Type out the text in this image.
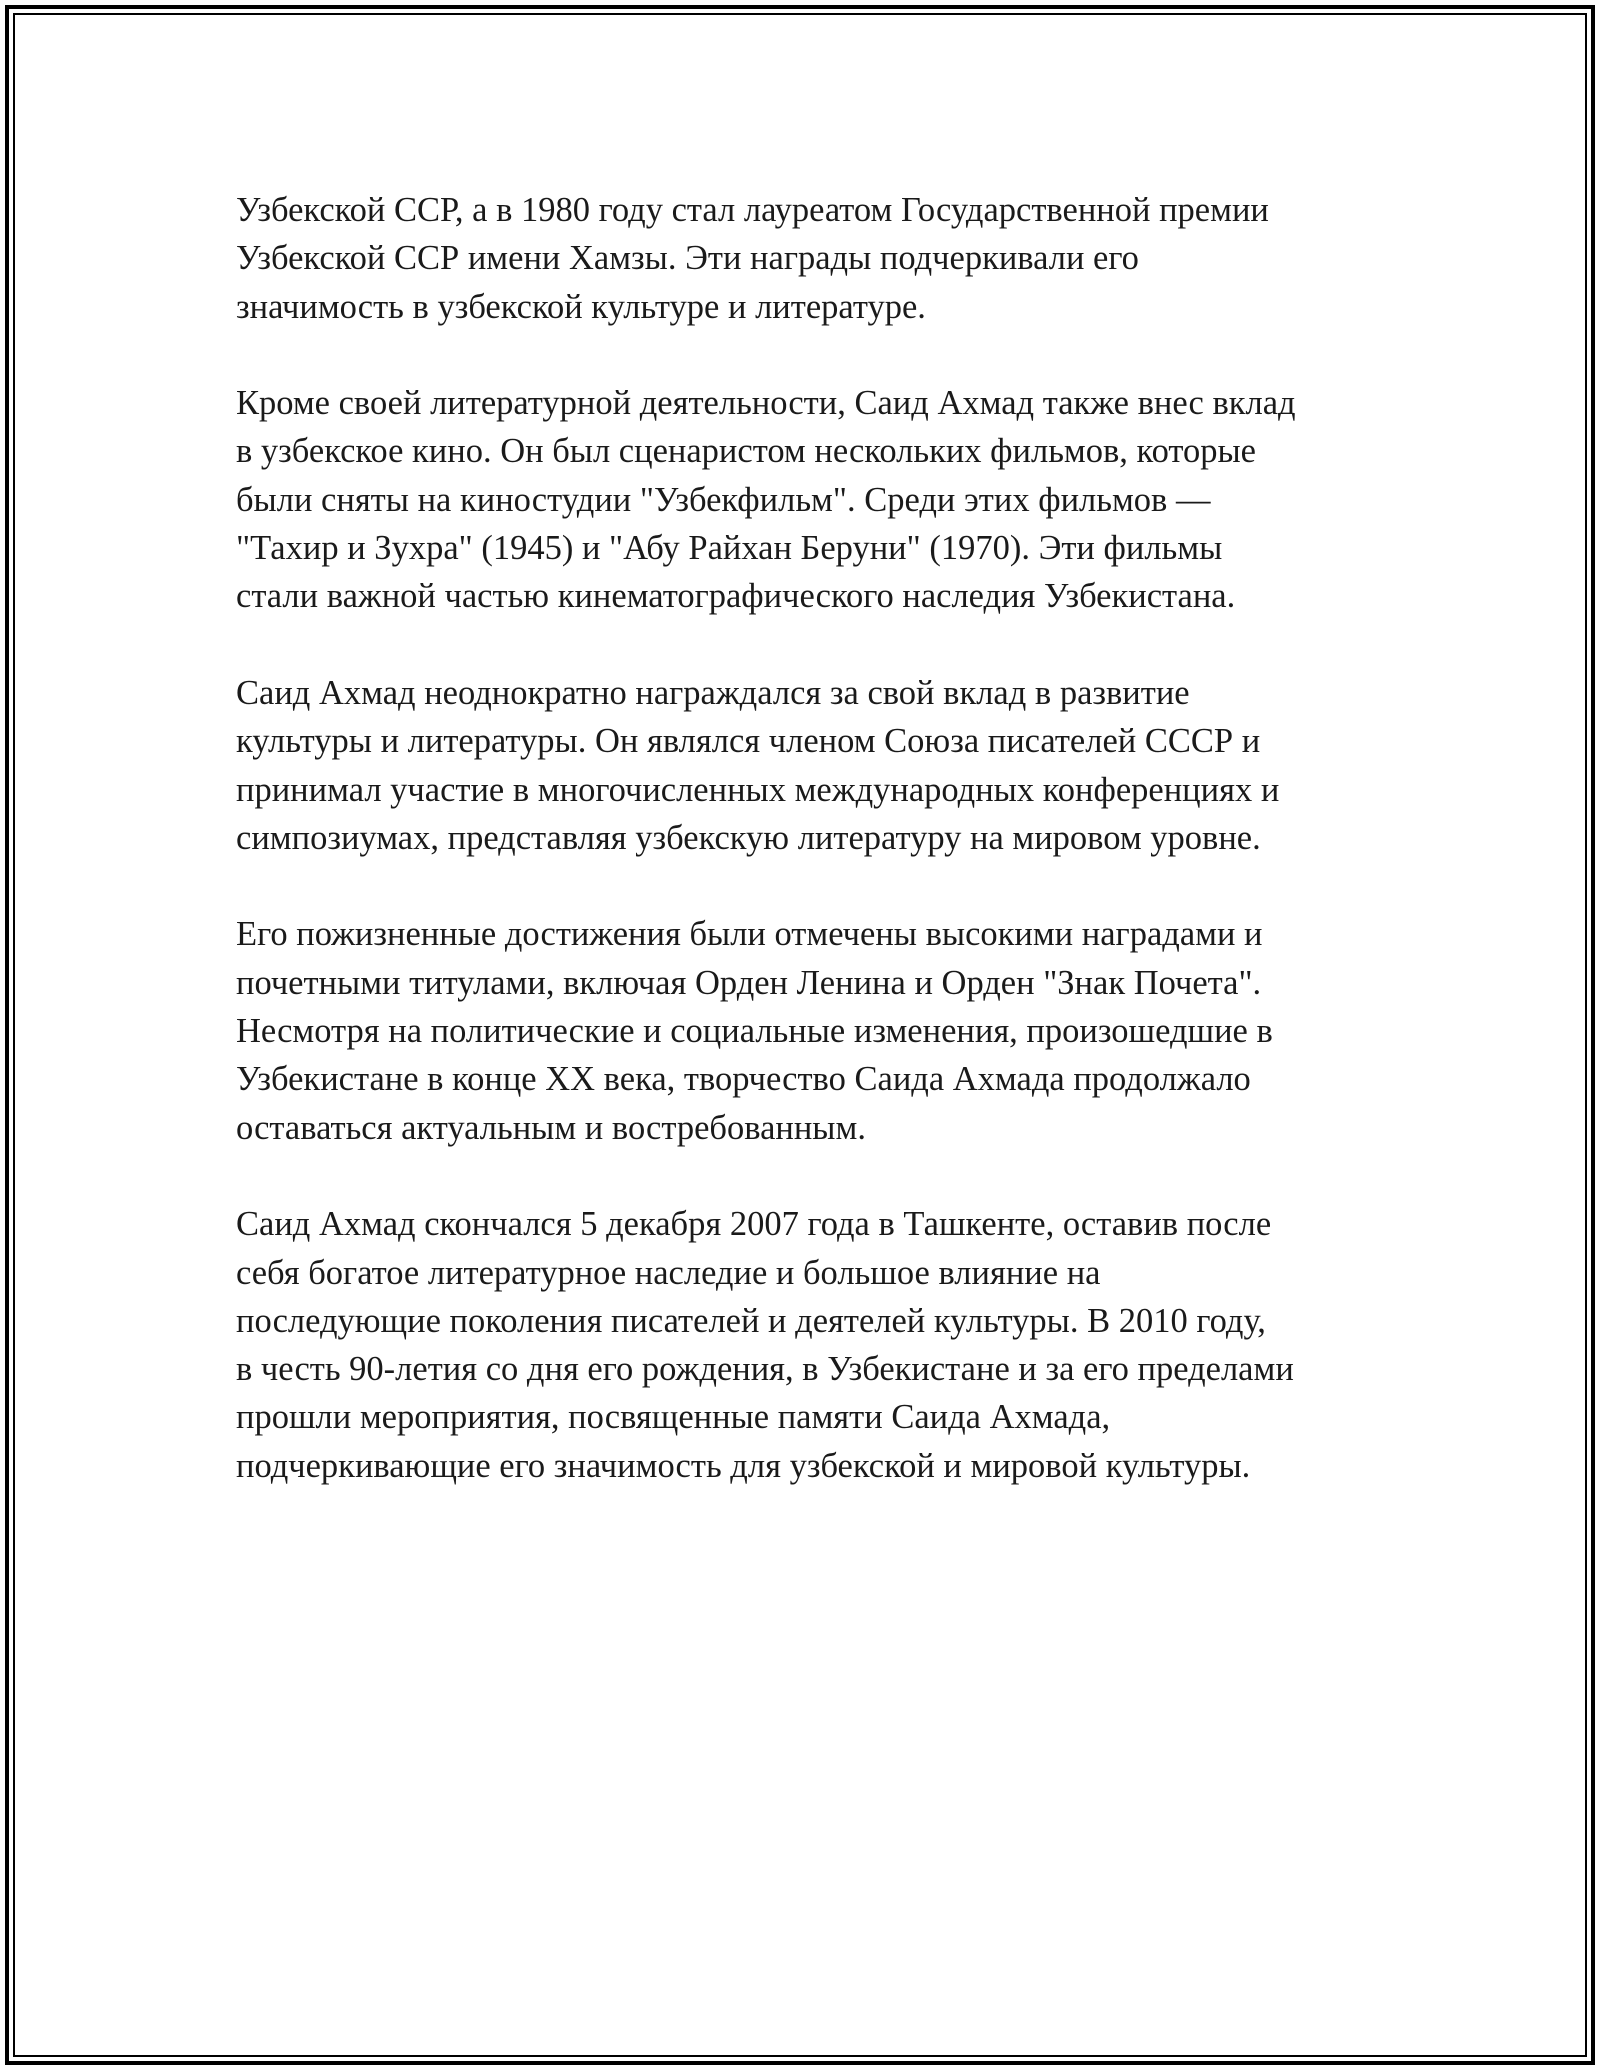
Узбекской ССР, а в 1980 году стал лауреатом Государственной премии
Узбекской ССР имени Хамзы. Эти награды подчеркивали его
значимость в узбекской культуре и литературе.

Кроме своей литературной деятельности, Саид Ахмад также внес вклад
в узбекское кино. Он был сценаристом нескольких фильмов, которые
были сняты на киностудии "Узбекфильм". Среди этих фильмов —
"Тахир и Зухра" (1945) и "Абу Райхан Беруни" (1970). Эти фильмы
стали важной частью кинематографического наследия Узбекистана.

Саид Ахмад неоднократно награждался за свой вклад в развитие
культуры и литературы. Он являлся членом Союза писателей СССР и
принимал участие в многочисленных международных конференциях и
симпозиумах, представляя узбекскую литературу на мировом уровне.

Его пожизненные достижения были отмечены высокими наградами и
почетными титулами, включая Орден Ленина и Орден "Знак Почета".
Несмотря на политические и социальные изменения, произошедшие в
Узбекистане в конце XX века, творчество Саида Ахмада продолжало
оставаться актуальным и востребованным.

Саид Ахмад скончался 5 декабря 2007 года в Ташкенте, оставив после
себя богатое литературное наследие и большое влияние на
последующие поколения писателей и деятелей культуры. В 2010 году,
в честь 90-летия со дня его рождения, в Узбекистане и за его пределами
прошли мероприятия, посвященные памяти Саида Ахмада,
подчеркивающие его значимость для узбекской и мировой культуры.
